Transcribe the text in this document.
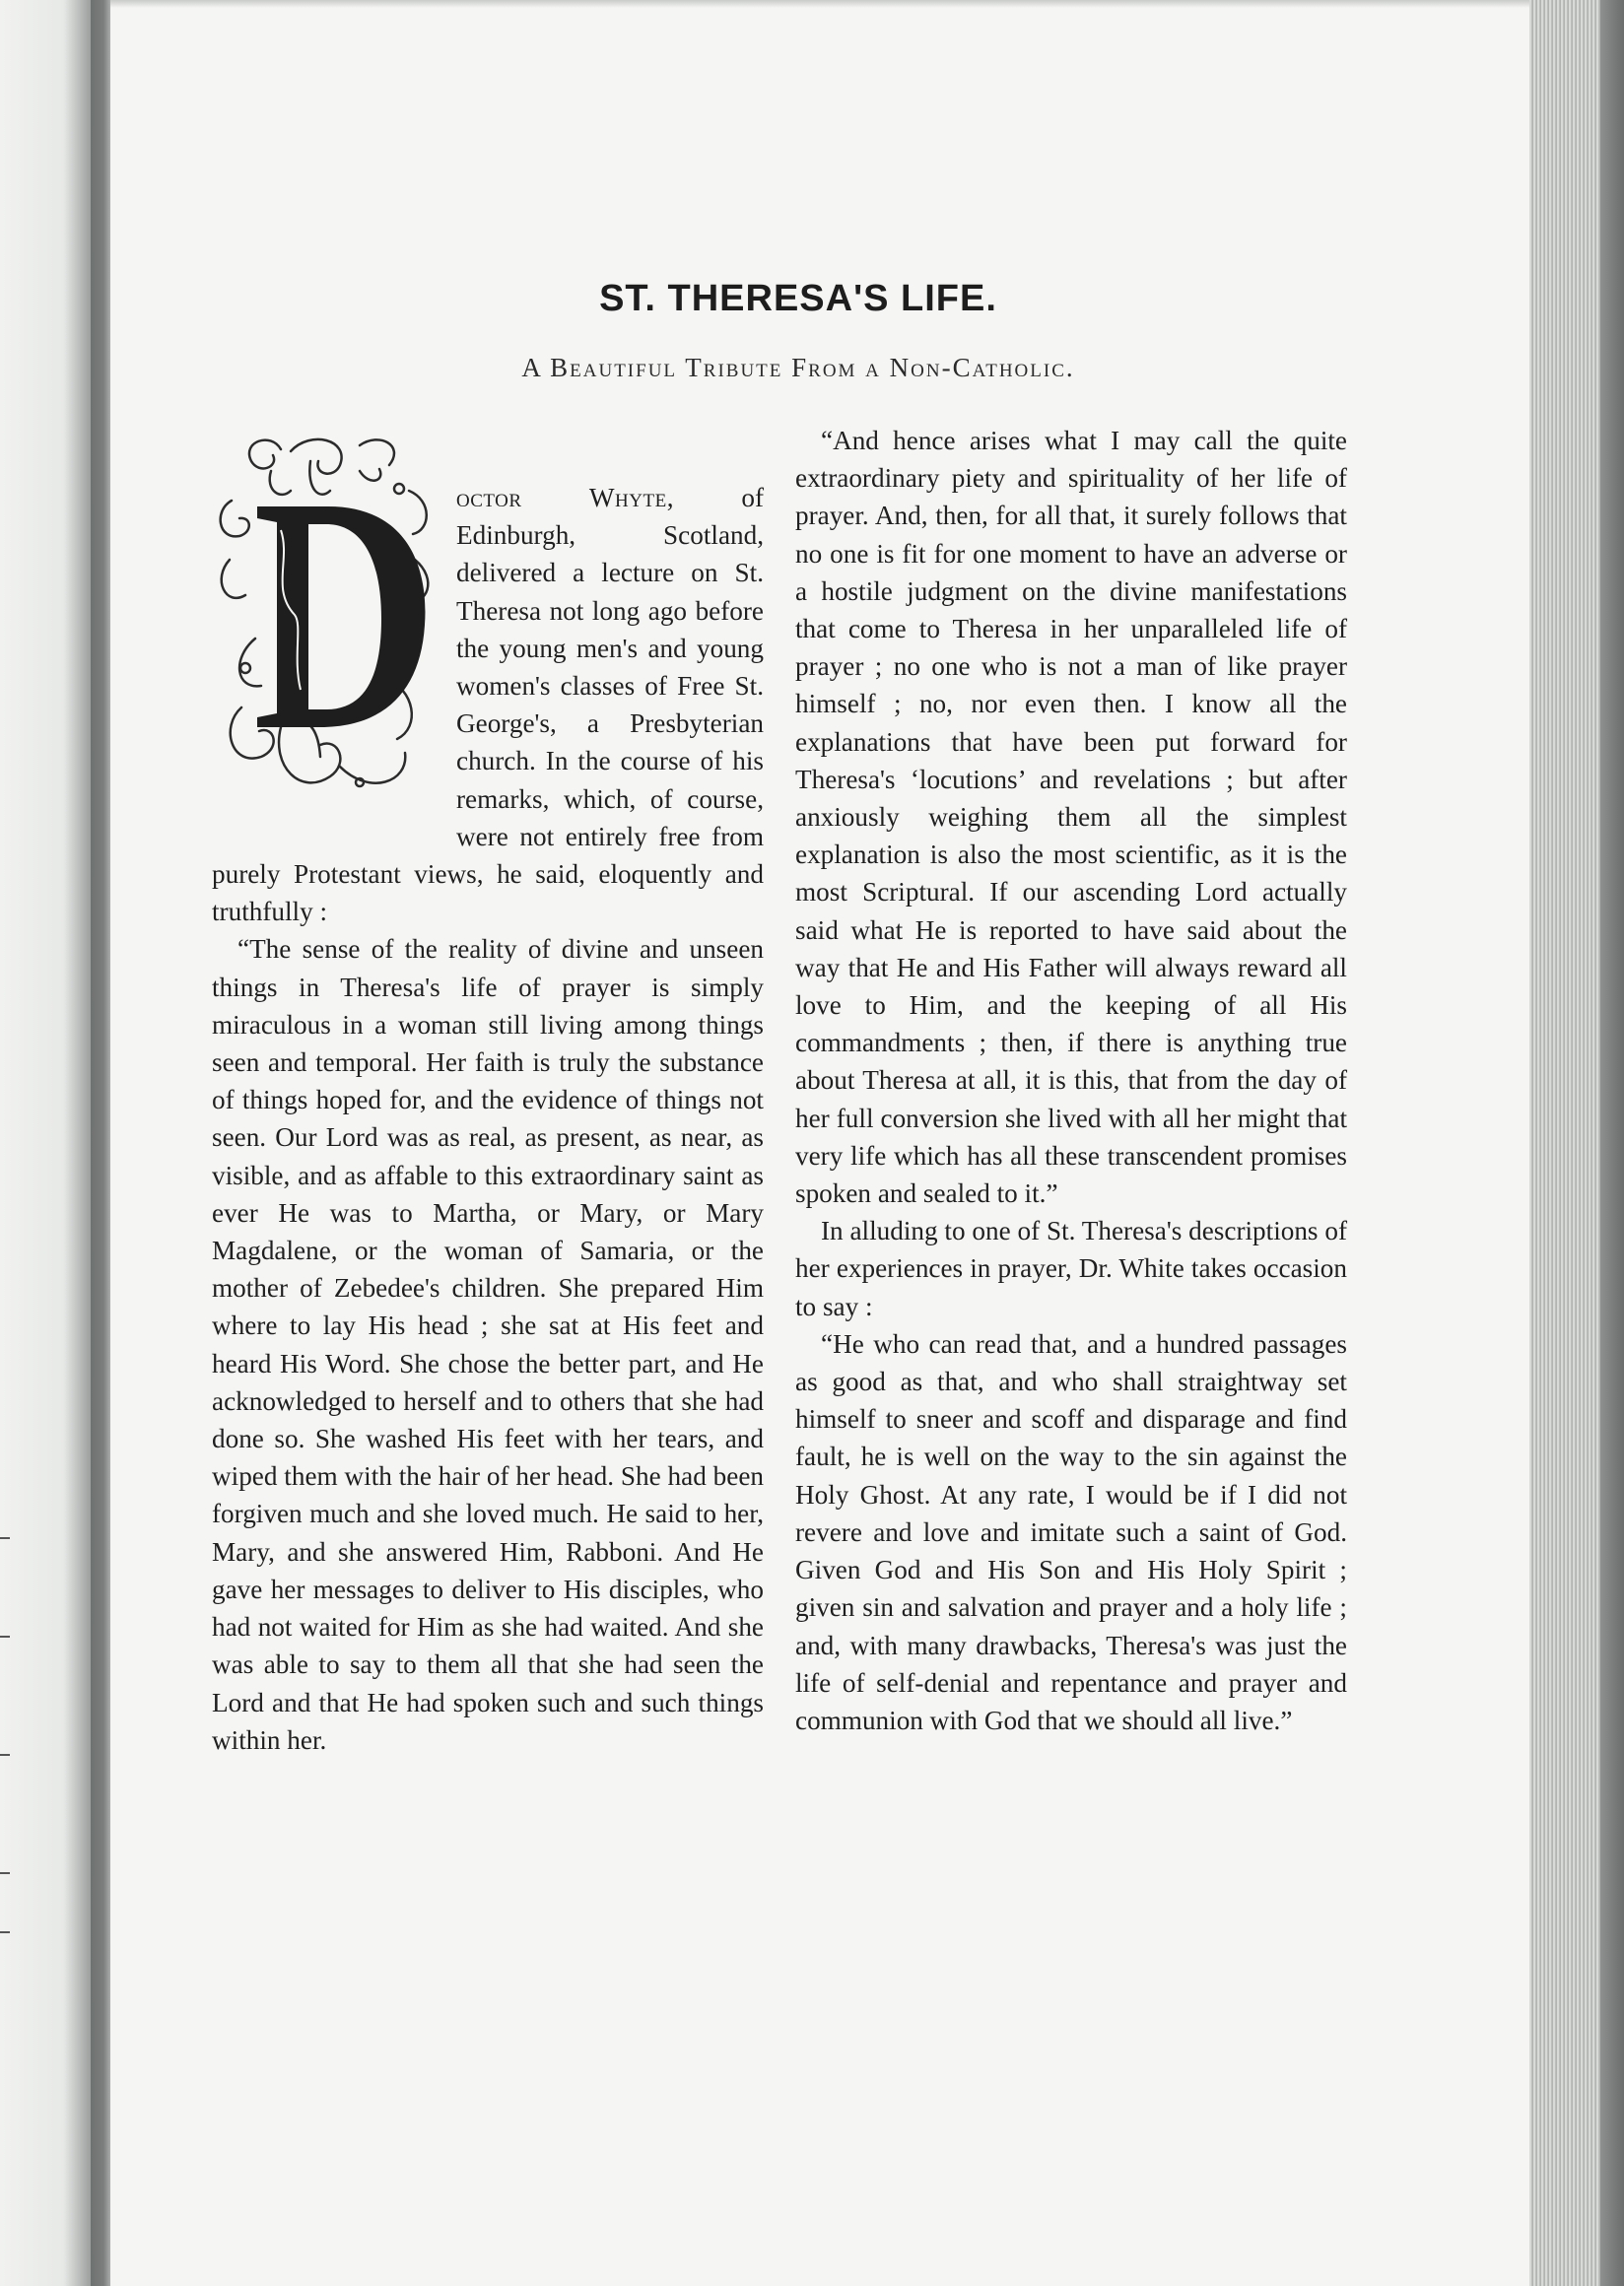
ST. THERESA'S LIFE.
A Beautiful Tribute From a Non-Catholic.

octor Whyte, of Edinburgh, Scotland, delivered a lecture on St. Theresa not long ago before the young men's and young women's classes of Free St. George's, a Presbyterian church. In the course of his remarks, which, of course, were not entirely free from purely Protestant views, he said, eloquently and truthfully :

“The sense of the reality of divine and unseen things in Theresa's life of prayer is simply miraculous in a woman still living among things seen and temporal. Her faith is truly the substance of things hoped for, and the evidence of things not seen. Our Lord was as real, as present, as near, as visible, and as affable to this extraordinary saint as ever He was to Martha, or Mary, or Mary Magdalene, or the woman of Samaria, or the mother of Zebedee's children. She prepared Him where to lay His head ; she sat at His feet and heard His Word. She chose the better part, and He acknowledged to herself and to others that she had done so. She washed His feet with her tears, and wiped them with the hair of her head. She had been forgiven much and she loved much. He said to her, Mary, and she answered Him, Rabboni. And He gave her messages to deliver to His disciples, who had not waited for Him as she had waited. And she was able to say to them all that she had seen the Lord and that He had spoken such and such things within her.

“And hence arises what I may call the quite extraordinary piety and spirituality of her life of prayer. And, then, for all that, it surely follows that no one is fit for one moment to have an adverse or a hostile judgment on the divine manifestations that come to Theresa in her unparalleled life of prayer ; no one who is not a man of like prayer himself ; no, nor even then. I know all the explanations that have been put forward for Theresa's ‘locutions’ and revelations ; but after anxiously weighing them all the simplest explanation is also the most scientific, as it is the most Scriptural. If our ascending Lord actually said what He is reported to have said about the way that He and His Father will always reward all love to Him, and the keeping of all His commandments ; then, if there is anything true about Theresa at all, it is this, that from the day of her full conversion she lived with all her might that very life which has all these transcendent promises spoken and sealed to it.”

In alluding to one of St. Theresa's descriptions of her experiences in prayer, Dr. White takes occasion to say :

“He who can read that, and a hundred passages as good as that, and who shall straightway set himself to sneer and scoff and disparage and find fault, he is well on the way to the sin against the Holy Ghost. At any rate, I would be if I did not revere and love and imitate such a saint of God. Given God and His Son and His Holy Spirit ; given sin and salvation and prayer and a holy life ; and, with many drawbacks, Theresa's was just the life of self-denial and repentance and prayer and communion with God that we should all live.”
